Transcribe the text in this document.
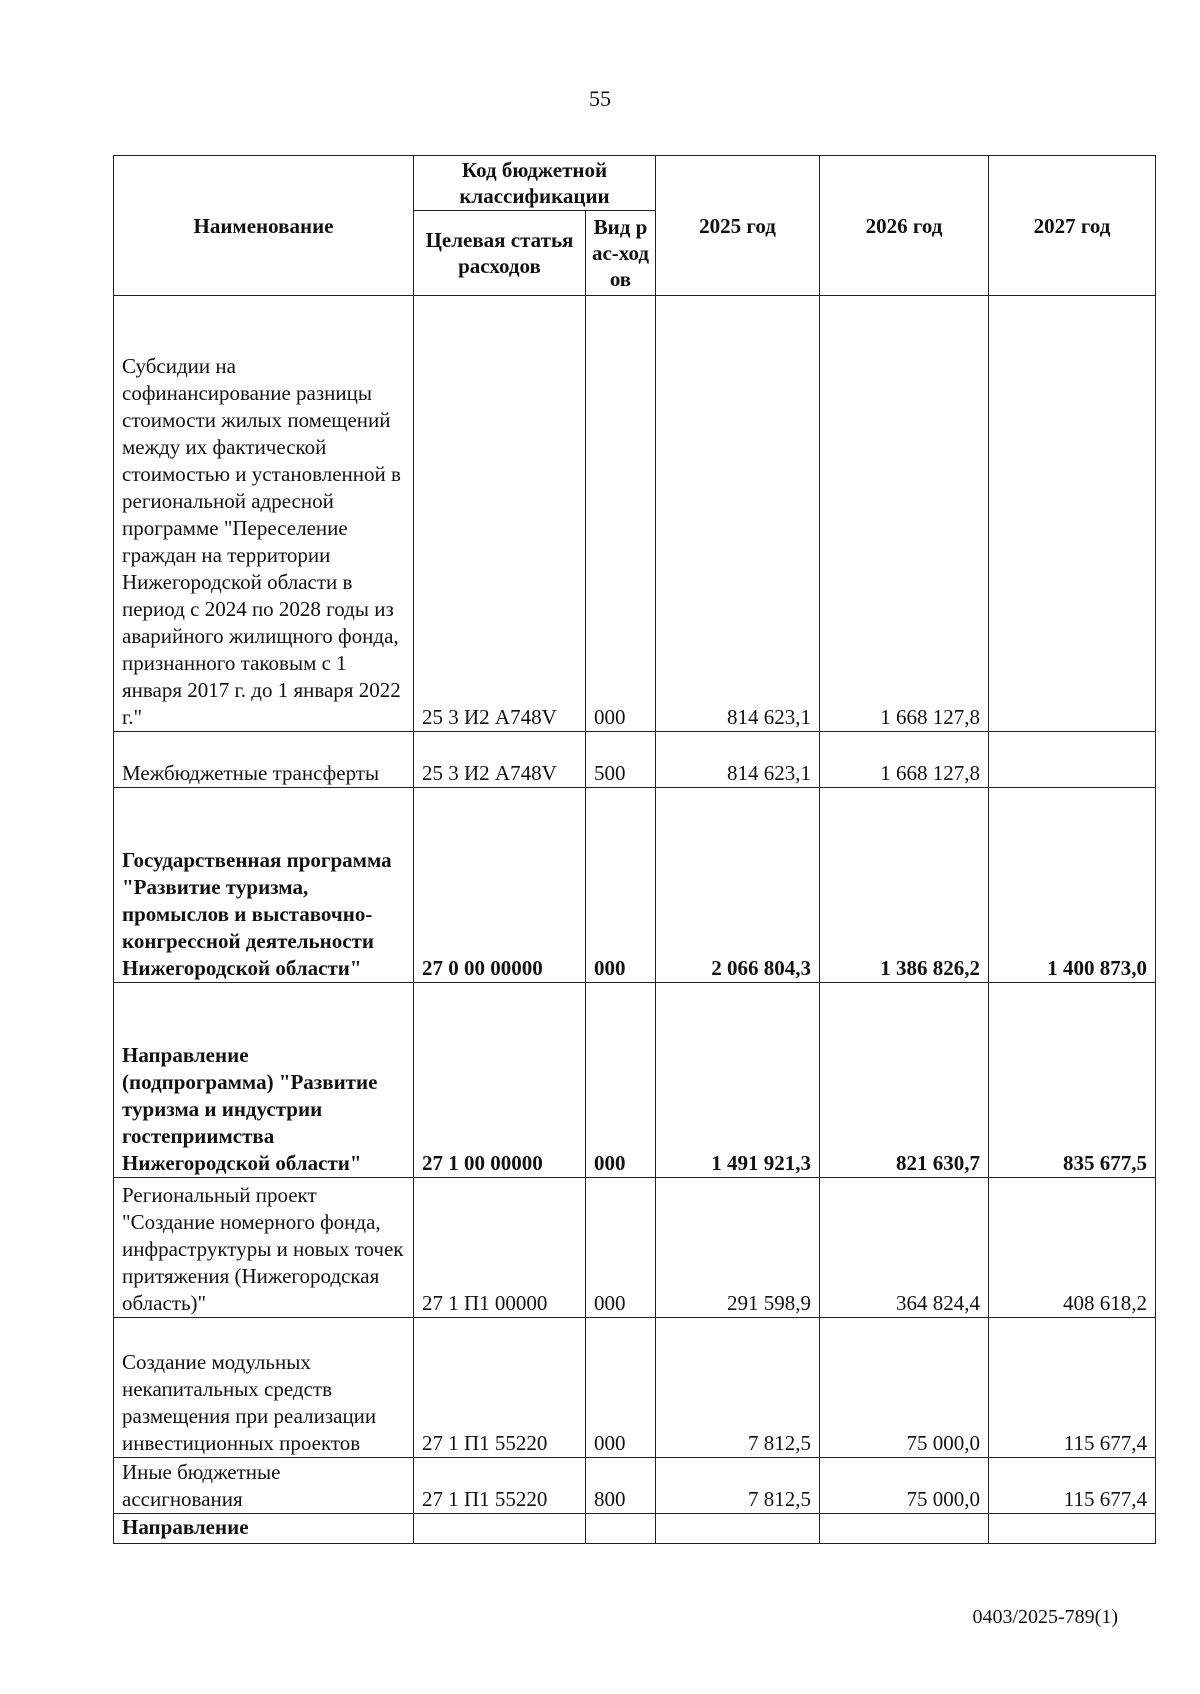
55
Наименование	Код бюджетной классификации		2025 год	2026 год	2027 год
	Целевая статья расходов	Вид рас-ходов			
Субсидии на софинансирование разницы стоимости жилых помещений между их фактической стоимостью и установленной в региональной адресной программе "Переселение граждан на территории Нижегородской области в период с 2024 по 2028 годы из аварийного жилищного фонда, признанного таковым с 1 января 2017 г. до 1 января 2022 г."	25 3 И2 А748V	000	814 623,1	1 668 127,8	
Межбюджетные трансферты	25 3 И2 А748V	500	814 623,1	1 668 127,8	
Государственная программа "Развитие туризма, промыслов и выставочно-конгрессной деятельности Нижегородской области"	27 0 00 00000	000	2 066 804,3	1 386 826,2	1 400 873,0
Направление (подпрограмма) "Развитие туризма и индустрии гостеприимства Нижегородской области"	27 1 00 00000	000	1 491 921,3	821 630,7	835 677,5
Региональный проект "Создание номерного фонда, инфраструктуры и новых точек притяжения (Нижегородская область)"	27 1 П1 00000	000	291 598,9	364 824,4	408 618,2
Создание модульных некапитальных средств размещения при реализации инвестиционных проектов	27 1 П1 55220	000	7 812,5	75 000,0	115 677,4
Иные бюджетные ассигнования	27 1 П1 55220	800	7 812,5	75 000,0	115 677,4
Направление					
0403/2025-789(1)
